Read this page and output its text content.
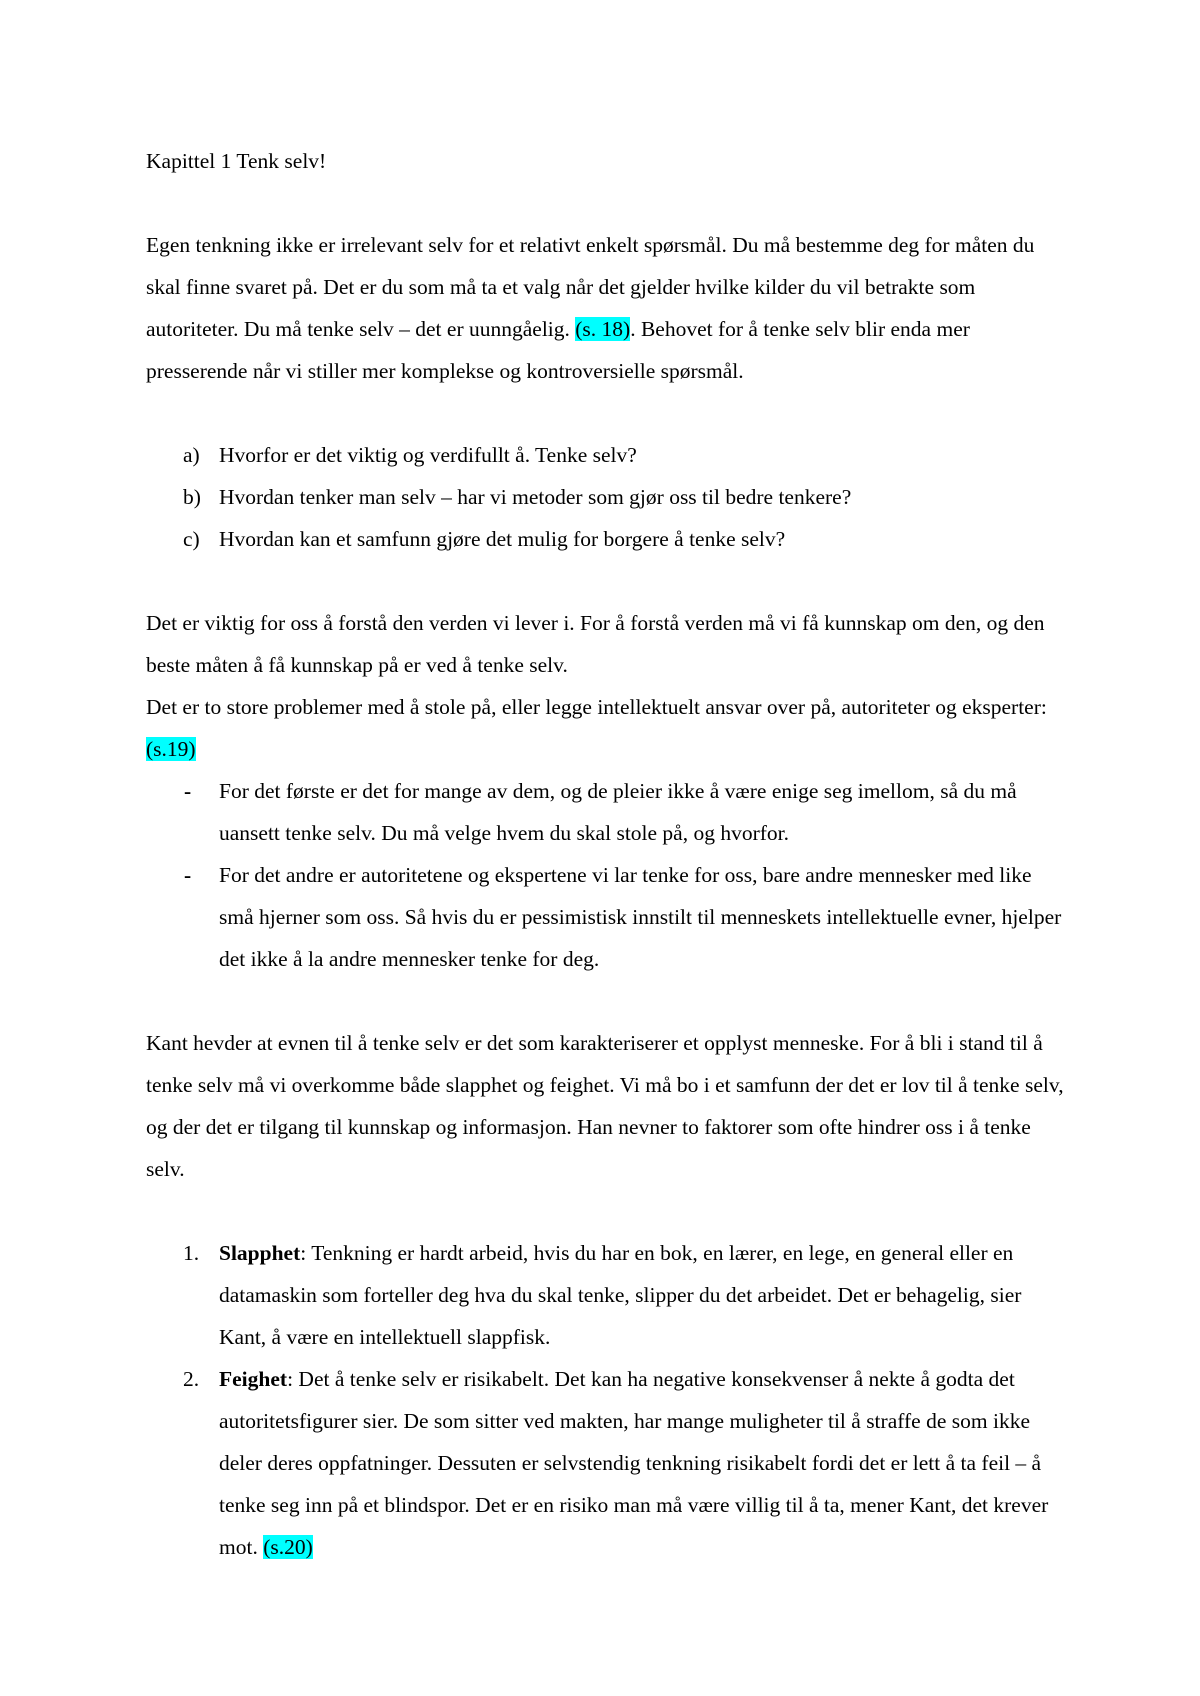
Kapittel 1 Tenk selv!

Egen tenkning ikke er irrelevant selv for et relativt enkelt spørsmål. Du må bestemme deg for måten du skal finne svaret på. Det er du som må ta et valg når det gjelder hvilke kilder du vil betrakte som autoriteter. Du må tenke selv – det er uunngåelig. (s. 18). Behovet for å tenke selv blir enda mer presserende når vi stiller mer komplekse og kontroversielle spørsmål.

a) Hvorfor er det viktig og verdifullt å. Tenke selv?
b) Hvordan tenker man selv – har vi metoder som gjør oss til bedre tenkere?
c) Hvordan kan et samfunn gjøre det mulig for borgere å tenke selv?

Det er viktig for oss å forstå den verden vi lever i. For å forstå verden må vi få kunnskap om den, og den beste måten å få kunnskap på er ved å tenke selv.

Det er to store problemer med å stole på, eller legge intellektuelt ansvar over på, autoriteter og eksperter: (s.19)

- For det første er det for mange av dem, og de pleier ikke å være enige seg imellom, så du må uansett tenke selv. Du må velge hvem du skal stole på, og hvorfor.
- For det andre er autoritetene og ekspertene vi lar tenke for oss, bare andre mennesker med like små hjerner som oss. Så hvis du er pessimistisk innstilt til menneskets intellektuelle evner, hjelper det ikke å la andre mennesker tenke for deg.

Kant hevder at evnen til å tenke selv er det som karakteriserer et opplyst menneske. For å bli i stand til å tenke selv må vi overkomme både slapphet og feighet. Vi må bo i et samfunn der det er lov til å tenke selv, og der det er tilgang til kunnskap og informasjon. Han nevner to faktorer som ofte hindrer oss i å tenke selv.

1. Slapphet: Tenkning er hardt arbeid, hvis du har en bok, en lærer, en lege, en general eller en datamaskin som forteller deg hva du skal tenke, slipper du det arbeidet. Det er behagelig, sier Kant, å være en intellektuell slappfisk.
2. Feighet: Det å tenke selv er risikabelt. Det kan ha negative konsekvenser å nekte å godta det autoritetsfigurer sier. De som sitter ved makten, har mange muligheter til å straffe de som ikke deler deres oppfatninger. Dessuten er selvstendig tenkning risikabelt fordi det er lett å ta feil – å tenke seg inn på et blindspor. Det er en risiko man må være villig til å ta, mener Kant, det krever mot. (s.20)
